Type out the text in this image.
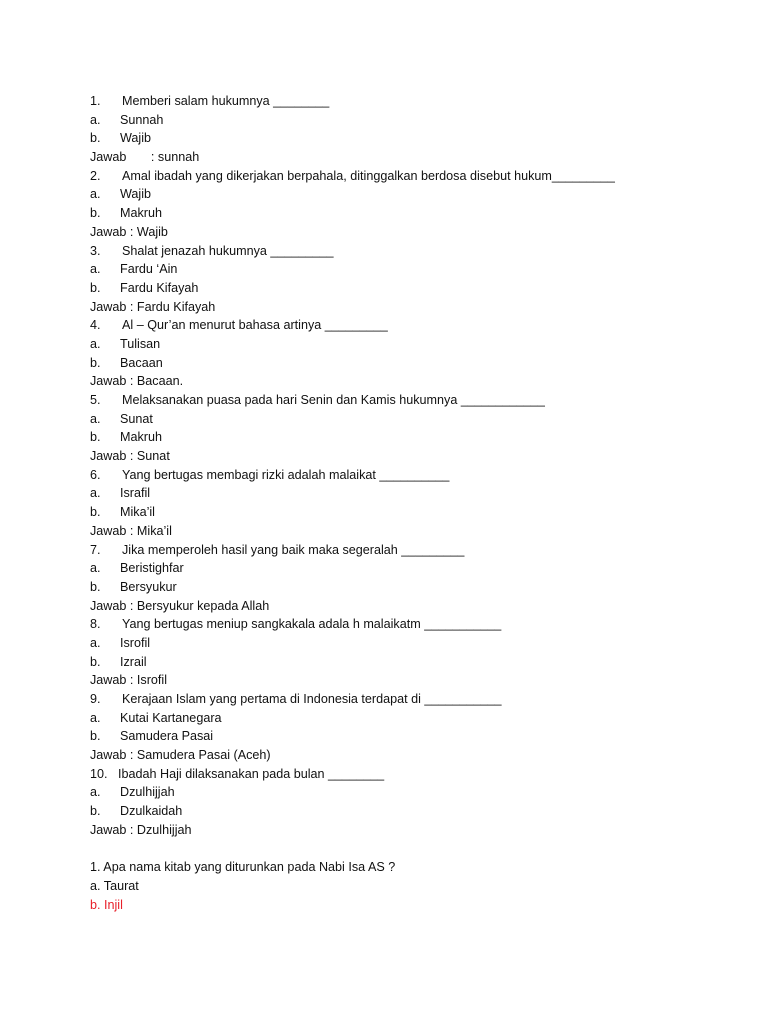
1. Memberi salam hukumnya ________
a. Sunnah
b. Wajib
Jawab       : sunnah
2. Amal ibadah yang dikerjakan berpahala, ditinggalkan berdosa disebut hukum_________
a. Wajib
b. Makruh
Jawab : Wajib
3. Shalat jenazah hukumnya _________
a. Fardu ‘Ain
b. Fardu Kifayah
Jawab : Fardu Kifayah
4. Al – Qur’an menurut bahasa artinya _________
a. Tulisan
b. Bacaan
Jawab : Bacaan.
5. Melaksanakan puasa pada hari Senin dan Kamis hukumnya ____________
a. Sunat
b. Makruh
Jawab : Sunat
6. Yang bertugas membagi rizki adalah malaikat __________
a. Israfil
b. Mika’il
Jawab : Mika’il
7. Jika memperoleh hasil yang baik maka segeralah _________
a. Beristighfar
b. Bersyukur
Jawab : Bersyukur kepada Allah
8. Yang bertugas meniup sangkakala adala h malaikatm ___________
a. Isrofil
b. Izrail
Jawab : Isrofil
9. Kerajaan Islam yang pertama di Indonesia terdapat di ___________
a. Kutai Kartanegara
b. Samudera Pasai
Jawab : Samudera Pasai (Aceh)
10. Ibadah Haji dilaksanakan pada bulan ________
a. Dzulhijjah
b. Dzulkaidah
Jawab : Dzulhijjah
1. Apa nama kitab yang diturunkan pada Nabi Isa AS ?
a. Taurat
b. Injil
